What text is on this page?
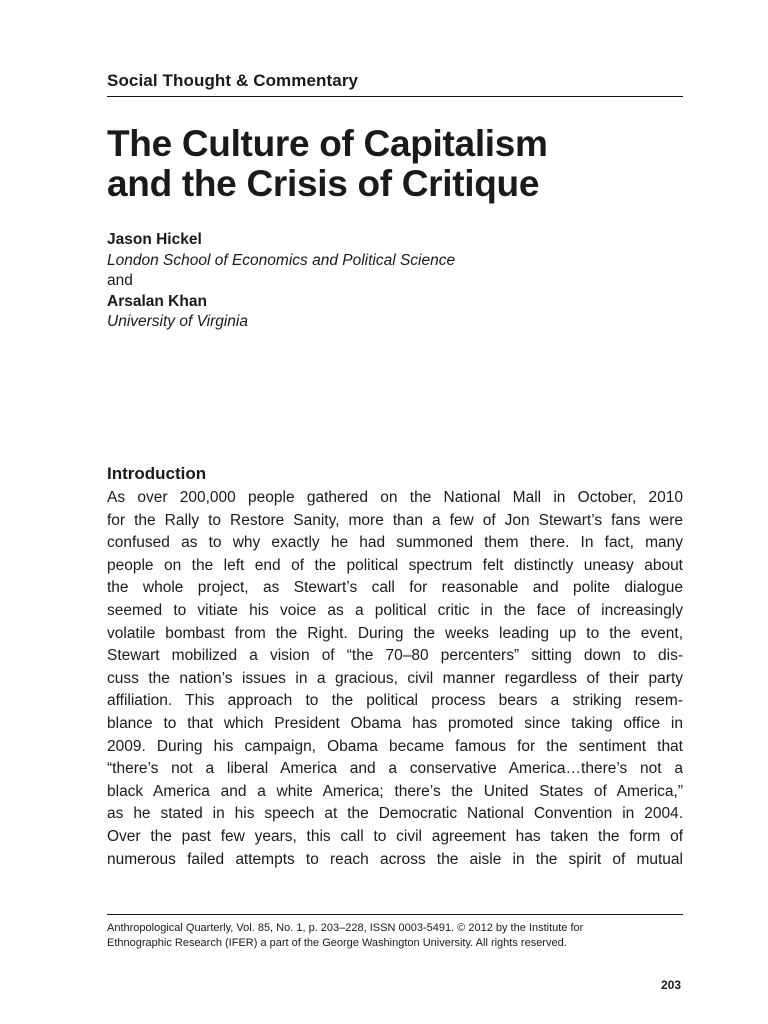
Social Thought & Commentary
The Culture of Capitalism
and the Crisis of Critique
Jason Hickel
London School of Economics and Political Science
and
Arsalan Khan
University of Virginia
Introduction
As over 200,000 people gathered on the National Mall in October, 2010
for the Rally to Restore Sanity, more than a few of Jon Stewart’s fans were
confused as to why exactly he had summoned them there. In fact, many
people on the left end of the political spectrum felt distinctly uneasy about
the whole project, as Stewart’s call for reasonable and polite dialogue
seemed to vitiate his voice as a political critic in the face of increasingly
volatile bombast from the Right. During the weeks leading up to the event,
Stewart mobilized a vision of “the 70–80 percenters” sitting down to dis-
cuss the nation’s issues in a gracious, civil manner regardless of their party
affiliation. This approach to the political process bears a striking resem-
blance to that which President Obama has promoted since taking office in
2009. During his campaign, Obama became famous for the sentiment that
“there’s not a liberal America and a conservative America…there’s not a
black America and a white America; there’s the United States of America,”
as he stated in his speech at the Democratic National Convention in 2004.
Over the past few years, this call to civil agreement has taken the form of
numerous failed attempts to reach across the aisle in the spirit of mutual
Anthropological Quarterly, Vol. 85, No. 1, p. 203–228, ISSN 0003-5491. © 2012 by the Institute for
Ethnographic Research (IFER) a part of the George Washington University. All rights reserved.
203
